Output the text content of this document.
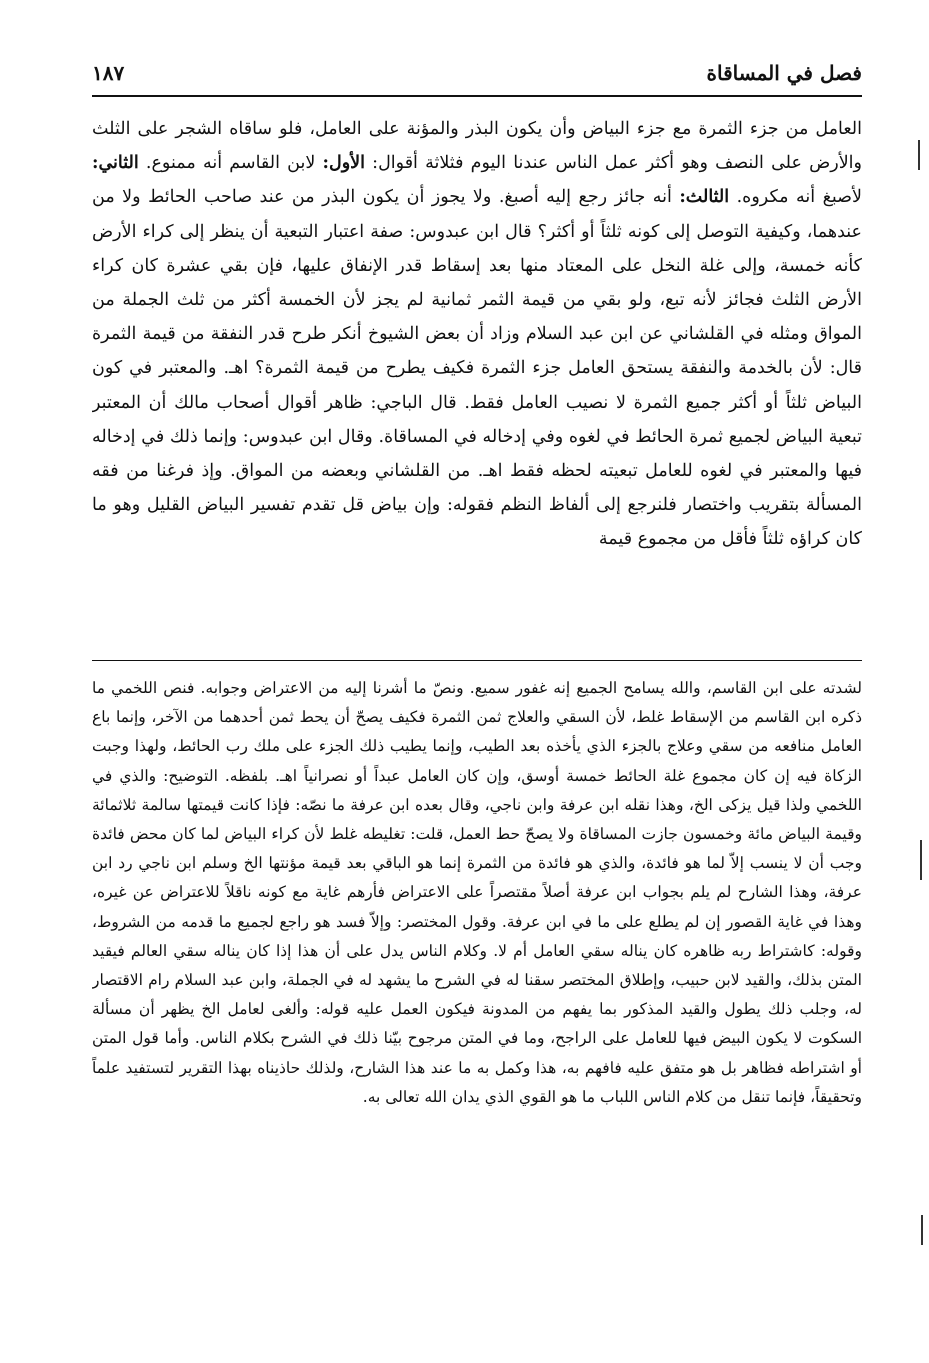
فصل في المساقاة
١٨٧

العامل من جزء الثمرة مع جزء البياض وأن يكون البذر والمؤنة على العامل، فلو ساقاه الشجر على الثلث والأرض على النصف وهو أكثر عمل الناس عندنا اليوم فثلاثة أقوال: الأول: لابن القاسم أنه ممنوع. الثاني: لأصبغ أنه مكروه. الثالث: أنه جائز رجع إليه أصبغ. ولا يجوز أن يكون البذر من عند صاحب الحائط ولا من عندهما، وكيفية التوصل إلى كونه ثلثاً أو أكثر؟ قال ابن عبدوس: صفة اعتبار التبعية أن ينظر إلى كراء الأرض كأنه خمسة، وإلى غلة النخل على المعتاد منها بعد إسقاط قدر الإنفاق عليها، فإن بقي عشرة كان كراء الأرض الثلث فجائز لأنه تبع، ولو بقي من قيمة الثمر ثمانية لم يجز لأن الخمسة أكثر من ثلث الجملة من المواق ومثله في القلشاني عن ابن عبد السلام وزاد أن بعض الشيوخ أنكر طرح قدر النفقة من قيمة الثمرة قال: لأن بالخدمة والنفقة يستحق العامل جزء الثمرة فكيف يطرح من قيمة الثمرة؟ اهـ. والمعتبر في كون البياض ثلثاً أو أكثر جميع الثمرة لا نصيب العامل فقط. قال الباجي: ظاهر أقوال أصحاب مالك أن المعتبر تبعية البياض لجميع ثمرة الحائط في لغوه وفي إدخاله في المساقاة. وقال ابن عبدوس: وإنما ذلك في إدخاله فيها والمعتبر في لغوه للعامل تبعيته لحظه فقط اهـ. من القلشاني وبعضه من المواق. وإذ فرغنا من فقه المسألة بتقريب واختصار فلنرجع إلى ألفاظ النظم فقوله: وإن بياض قل تقدم تفسير البياض القليل وهو ما كان كراؤه ثلثاً فأقل من مجموع قيمة

لشدته على ابن القاسم، والله يسامح الجميع إنه غفور سميع. ونصّ ما أشرنا إليه من الاعتراض وجوابه. فنص اللخمي ما ذكره ابن القاسم من الإسقاط غلط، لأن السقي والعلاج ثمن الثمرة فكيف يصحّ أن يحط ثمن أحدهما من الآخر، وإنما باع العامل منافعه من سقي وعلاج بالجزء الذي يأخذه بعد الطيب، وإنما يطيب ذلك الجزء على ملك رب الحائط، ولهذا وجبت الزكاة فيه إن كان مجموع غلة الحائط خمسة أوسق، وإن كان العامل عبداً أو نصرانياً اهـ. بلفظه. التوضيح: والذي في اللخمي ولذا قيل يزكى الخ، وهذا نقله ابن عرفة وابن ناجي، وقال بعده ابن عرفة ما نصّه: فإذا كانت قيمتها سالمة ثلاثمائة وقيمة البياض مائة وخمسون جازت المساقاة ولا يصحّ حط العمل، قلت: تغليطه غلط لأن كراء البياض لما كان محض فائدة وجب أن لا ينسب إلاّ لما هو فائدة، والذي هو فائدة من الثمرة إنما هو الباقي بعد قيمة مؤنتها الخ وسلم ابن ناجي رد ابن عرفة، وهذا الشارح لم يلم بجواب ابن عرفة أصلاً مقتصراً على الاعتراض فأرهم غاية مع كونه ناقلاً للاعتراض عن غيره، وهذا في غاية القصور إن لم يطلع على ما في ابن عرفة. وقول المختصر: وإلاّ فسد هو راجع لجميع ما قدمه من الشروط، وقوله: كاشتراط ربه ظاهره كان يناله سقي العامل أم لا. وكلام الناس يدل على أن هذا إذا كان يناله سقي العالم فيقيد المتن بذلك، والقيد لابن حبيب، وإطلاق المختصر سقنا له في الشرح ما يشهد له في الجملة، وابن عبد السلام رام الاقتصار له، وجلب ذلك يطول والقيد المذكور بما يفهم من المدونة فيكون العمل عليه قوله: وألغى لعامل الخ يظهر أن مسألة السكوت لا يكون البيض فيها للعامل على الراجح، وما في المتن مرجوح بيّنا ذلك في الشرح بكلام الناس. وأما قول المتن أو اشتراطه فظاهر بل هو متفق عليه فافهم به، هذا وكمل به ما عند هذا الشارح، ولذلك حاذيناه بهذا التقرير لتستفيد علماً وتحقيقاً، فإنما تنقل من كلام الناس اللباب ما هو القوي الذي يدان الله تعالى به.
